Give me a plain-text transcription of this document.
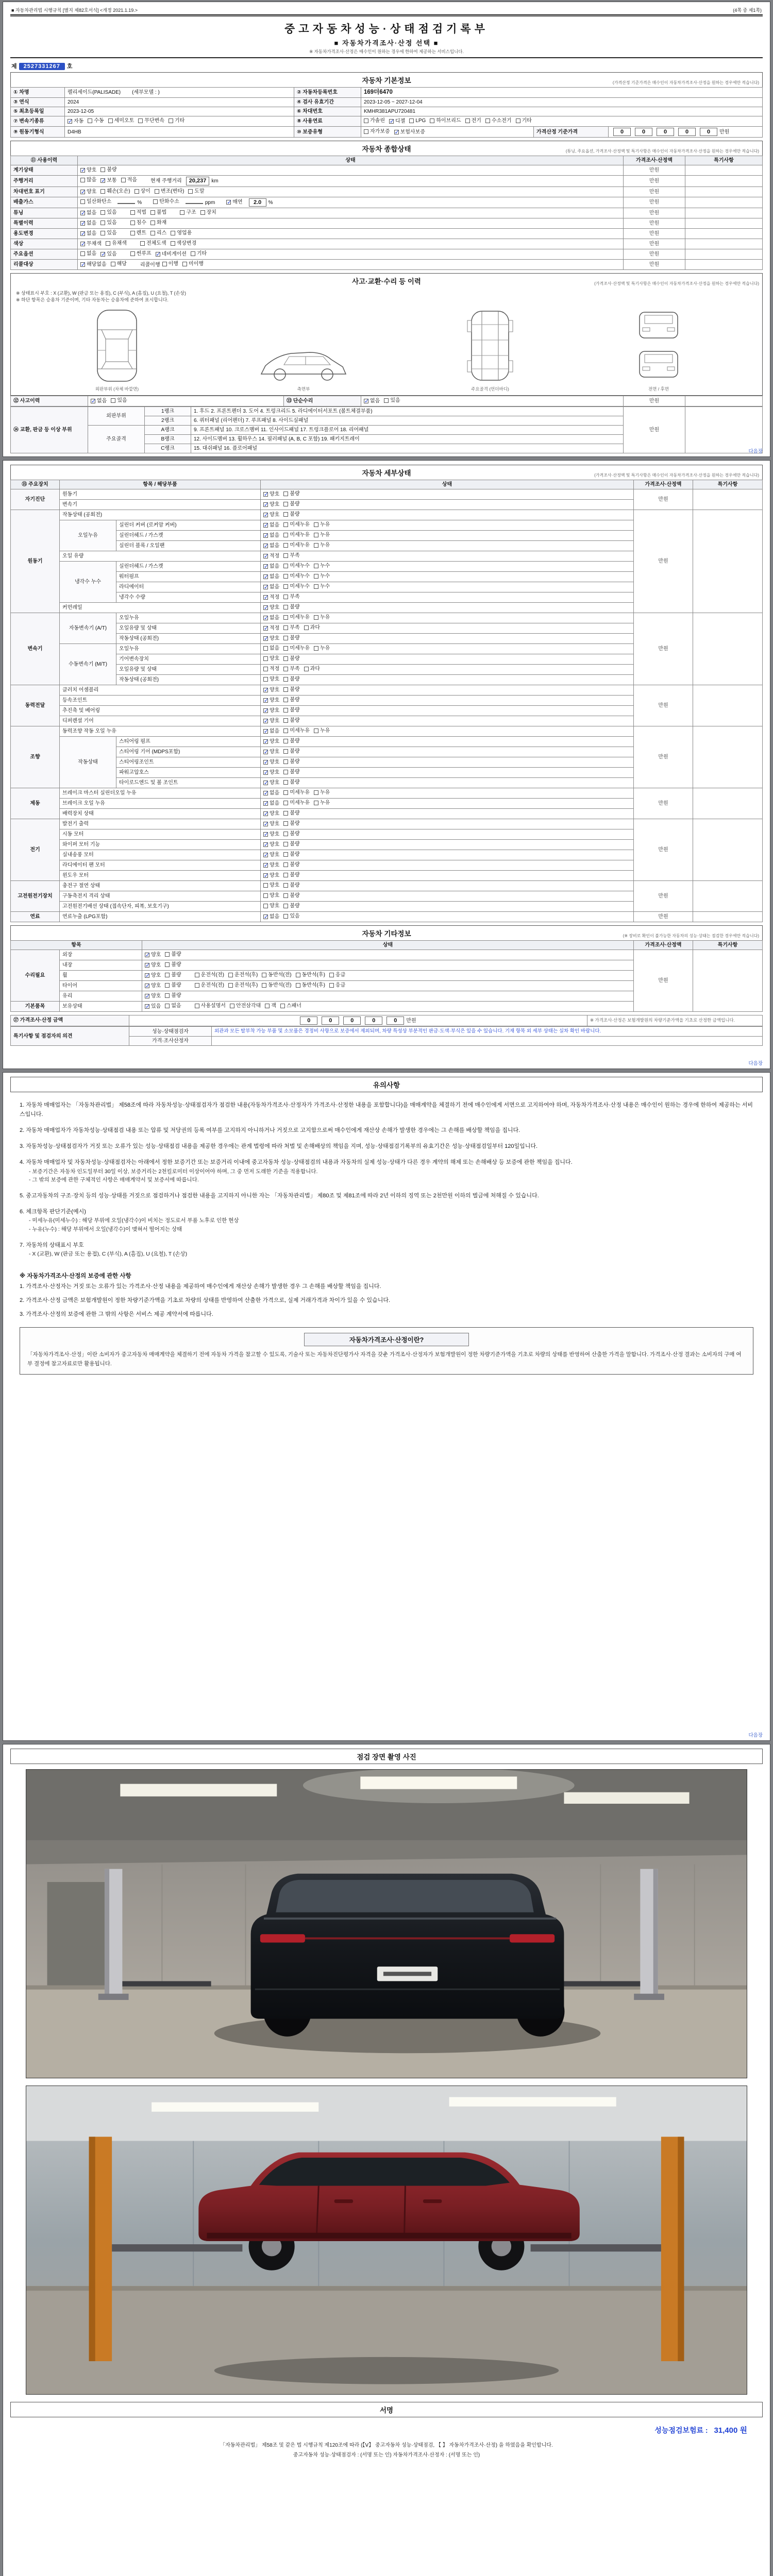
■ 자동차관리법 시행규칙 [별지 제82호서식] <개정 2021.1.19.>	(4쪽 중 제1쪽)
중고자동차성능·상태점검기록부
■ 자동차가격조사·산정 선택 ■
※ 자동차가격조사·산정은 매수인이 원하는 경우에 한하여 제공하는 서비스입니다.
제 2527331267 호
자동차 기본정보	(가격산정 기준가격은 매수인이 자동차가격조사·산정을 원하는 경우에만 적습니다)
① 차명	펠리세이드(PALISADE) (세부모델 : )	② 자동차등록번호	169더6470		
③ 연식	2024	④ 검사 유효기간	2023-12-05 ~ 2027-12-04		
⑤ 최초등록일	2023-12-05	⑥ 차대번호	KMHR381APU720481		
⑦ 변속기종류	✓ 자동 수동 세미오토 무단변속 기타	⑧ 사용연료	가솔린 ✓ 디젤 LPG 하이브리드 전기 수소전기 기타

⑨ 원동기형식	D4HB	⑩ 보증유형	자가보증 ✓ 보험사보증	가격산정 기준가격	0 0 0 0 0 만원
자동차 종합상태	(튜닝, 주요옵션, 가격조사·산정액 및 특기사항은 매수인이 자동차가격조사·산정을 원하는 경우에만 적습니다)
⑪ 사용이력	상태	가격조사·산정액	특기사항
계기상태	✓ 양호 불량	만원	
주행거리	많음 ✓ 보통 적음 현재 주행거리 20,237 km	만원	
차대번호 표기	✓ 양호 훼손(오손) 상이 변조(변타) 도말	만원	
배출가스	일산화탄소	%	탄화수소	ppm ✓ 매연 2.0 %	만원	
튜닝	✓ 없음 있음	적법 불법	구조 장치	만원	
특별이력	✓ 없음 있음 침수 화재	만원	
용도변경	✓ 없음 있음	렌트 리스 영업용	만원	
색상	✓ 무채색 유채색 전체도색 색상변경	만원	
주요옵션	없음 ✓ 있음	썬루프 ✓ 네비게이션 기타	만원	
리콜대상	✓ 해당없음 해당	리콜이행 이행 미이행	만원	
사고·교환·수리 등 이력	(가격조사·산정액 및 특기사항은 매수인이 자동차가격조사·산정을 원하는 경우에만 적습니다)
※ 상태표시 부호 : X (교환), W (판금 또는 용접), C (부식), A (흠집), U (요철), T (손상)
※ 하단 항목은 승용차 기준이며, 기타 자동차는 승용차에 준하여 표시합니다.
외판부위 (차체 바깥면)	측면부	주요골격 (언더바디)	전면 / 후면
⑫ 사고이력	✓ 없음 있음	⑬ 단순수리	✓ 없음 있음	만원	
⑭ 교환, 판금 등 이상 부위	외판부위	1랭크	1. 후드 2. 프론트펜더 3. 도어 4. 트렁크리드 5. 라디에이터서포트 (볼트체결부품)	만원	
		2랭크	6. 쿼터패널 (리어펜더) 7. 루프패널 8. 사이드실패널		
	주요골격	A랭크	9. 프론트패널 10. 크로스멤버 11. 인사이드패널 17. 트렁크플로어 18. 리어패널		
		B랭크	12. 사이드멤버 13. 휠하우스 14. 필러패널 (A, B, C 포함) 19. 패키지트레이		
		C랭크	15. 대쉬패널 16. 플로어패널		
다음장
자동차 세부상태	(가격조사·산정액 및 특기사항은 매수인이 자동차가격조사·산정을 원하는 경우에만 적습니다)
⑮ 주요장치	항목 / 해당부품		상태	가격조사·산정액	특기사항
자기진단	원동기		✓ 양호 불량	만원	
	변속기		✓ 양호 불량		

원동기	작동상태 (공회전)		✓ 양호 불량	만원	
	오일누유	실린더 커버 (로커암 커버)	✓ 없음 미세누유 누유		

		실린더헤드 / 가스켓	✓ 없음 미세누유 누유		

		실린더 블록 / 오일팬	✓ 없음 미세누유 누유		

	오일 유량		✓ 적정 부족		

	냉각수 누수	실린더헤드 / 가스켓	✓ 없음 미세누수 누수		

		워터펌프	✓ 없음 미세누수 누수		

		라디에이터	✓ 없음 미세누수 누수		

		냉각수 수량	✓ 적정 부족		

	커먼레일		✓ 양호 불량		

변속기	자동변속기 (A/T)	오일누유	✓ 없음 미세누유 누유	만원	
		오일유량 및 상태	✓ 적정 부족 과다		

		작동상태 (공회전)	✓ 양호 불량		

	수동변속기 (M/T)	오일누유	없음 미세누유 누유		

		기어변속장치	양호 불량		

		오일유량 및 상태	적정 부족 과다		

		작동상태 (공회전)	양호 불량		

동력전달	클러치 어셈블리		✓ 양호 불량	만원	
	등속조인트		✓ 양호 불량		

	추진축 및 베어링		✓ 양호 불량		

	디퍼렌셜 기어		✓ 양호 불량		

조향	동력조향 작동 오일 누유		✓ 없음 미세누유 누유	만원	
	작동상태	스티어링 펌프	✓ 양호 불량		

		스티어링 기어 (MDPS포함)	✓ 양호 불량		

		스티어링조인트	✓ 양호 불량		

		파워고압호스	✓ 양호 불량		

		타이로드엔드 및 볼 조인트	✓ 양호 불량		

제동	브레이크 마스터 실린더오일 누유		✓ 없음 미세누유 누유	만원	
	브레이크 오일 누유		✓ 없음 미세누유 누유		

	배력장치 상태		✓ 양호 불량		

전기	발전기 출력		✓ 양호 불량	만원	
	시동 모터		✓ 양호 불량		

	와이퍼 모터 기능		✓ 양호 불량		

	실내송풍 모터		✓ 양호 불량		

	라디에이터 팬 모터		✓ 양호 불량		

	윈도우 모터		✓ 양호 불량		

고전원전기장치	충전구 절연 상태		양호 불량	만원	
	구동축전지 격리 상태		양호 불량		

	고전원전기배선 상태 (접속단자, 피복, 보호기구)		양호 불량		

연료	연료누출 (LPG포함)		✓ 없음 있음	만원	
자동차 기타정보	(※ 장비로 확인이 불가능한 자동차의 성능·상태는 점검한 경우에만 적습니다)
항목		상태	가격조사·산정액	특기사항
수리필요	외장	✓ 양호 불량	만원	
	내장	✓ 양호 불량		

휠	✓ 양호 불량	운전석(전) 운전석(후) 동반석(전) 동반석(후) 응급

타이어	✓ 양호 불량	운전석(전) 운전석(후) 동반석(전) 동반석(후) 응급

	유리	✓ 양호 불량		

기본품목	보유상태	✓ 있음 없음	사용설명서 안전삼각대 잭 스패너
⑰ 가격조사·산정 금액	0	0	0	0	0 만원	※ 가격조사·산정은 보험개발원의 차량기준가액을 기초로 산정한 금액입니다.
특기사항 및 점검자의 의견	성능·상태점검자	외관과 모든 탈부착 가능 부품 및 소모품은 경정비 사항으로 보증에서 제외되며, 차량 특성상 부분적인 판금·도색·부식은 있을 수 있습니다. 기재 항목 외 세부 상태는 실차 확인 바랍니다.
	가격·조사산정자	
다음장
유의사항
1. 자동차 매매업자는 「자동차관리법」 제58조에 따라 자동차성능·상태점검자가 점검한 내용(자동차가격조사·산정자가 가격조사·산정한 내용을 포함합니다)을 매매계약을 체결하기 전에 매수인에게 서면으로 고지하여야 하며, 자동차가격조사·산정 내용은 매수인이 원하는 경우에 한하여 제공하는 서비스입니다.
2. 자동차 매매업자가 자동차성능·상태점검 내용 또는 압류 및 저당권의 등록 여부를 고지하지 아니하거나 거짓으로 고지함으로써 매수인에게 재산상 손해가 발생한 경우에는 그 손해를 배상할 책임을 집니다.
3. 자동차성능·상태점검자가 거짓 또는 오류가 있는 성능·상태점검 내용을 제공한 경우에는 관계 법령에 따라 처벌 및 손해배상의 책임을 지며, 성능·상태점검기록부의 유효기간은 성능·상태점검일부터 120일입니다.
4. 자동차 매매업자 및 자동차성능·상태점검자는 아래에서 정한 보증기간 또는 보증거리 이내에 중고자동차 성능·상태점검의 내용과 자동차의 실제 성능·상태가 다른 경우 계약의 해제 또는 손해배상 등 보증에 관한 책임을 집니다.
- 보증기간은 자동차 인도일부터 30일 이상, 보증거리는 2천킬로미터 이상이어야 하며, 그 중 먼저 도래한 기준을 적용합니다.
- 그 밖의 보증에 관한 구체적인 사항은 매매계약서 및 보증서에 따릅니다.
5. 중고자동차의 구조·장치 등의 성능·상태를 거짓으로 점검하거나 점검한 내용을 고지하지 아니한 자는 「자동차관리법」 제80조 및 제81조에 따라 2년 이하의 징역 또는 2천만원 이하의 벌금에 처해질 수 있습니다.
6. 체크항목 판단기준(예시)
- 미세누유(미세누수) : 해당 부위에 오일(냉각수)이 비치는 정도로서 부품 노후로 인한 현상
- 누유(누수) : 해당 부위에서 오일(냉각수)이 맺혀서 떨어지는 상태
7. 자동차의 상태표시 부호
- X (교환), W (판금 또는 용접), C (부식), A (흠집), U (요철), T (손상)
※ 자동차가격조사·산정의 보증에 관한 사항
1. 가격조사·산정자는 거짓 또는 오류가 있는 가격조사·산정 내용을 제공하여 매수인에게 재산상 손해가 발생한 경우 그 손해를 배상할 책임을 집니다.
2. 가격조사·산정 금액은 보험개발원이 정한 차량기준가액을 기초로 차량의 상태를 반영하여 산출한 가격으로, 실제 거래가격과 차이가 있을 수 있습니다.
3. 가격조사·산정의 보증에 관한 그 밖의 사항은 서비스 제공 계약서에 따릅니다.
자동차가격조사·산정이란?
「자동차가격조사·산정」이란 소비자가 중고자동차 매매계약을 체결하기 전에 자동차 가격을 참고할 수 있도록, 기술사 또는 자동차진단평가사 자격을 갖춘 가격조사·산정자가 보험개발원이 정한 차량기준가액을 기초로 차량의 상태를 반영하여 산출한 가격을 말합니다. 가격조사·산정 결과는 소비자의 구매 여부 결정에 참고자료로만 활용됩니다.
다음장
점검 장면 촬영 사진
서명
성능점검보험료 : 31,400 원
「자동차관리법」 제58조 및 같은 법 시행규칙 제120조에 따라 (【Ⅴ】 중고자동차 성능·상태점검, 【 】 자동차가격조사·산정) 을 하였음을 확인합니다.
중고자동차 성능·상태점검자 : (서명 또는 인) 자동차가격조사·산정자 : (서명 또는 인)
